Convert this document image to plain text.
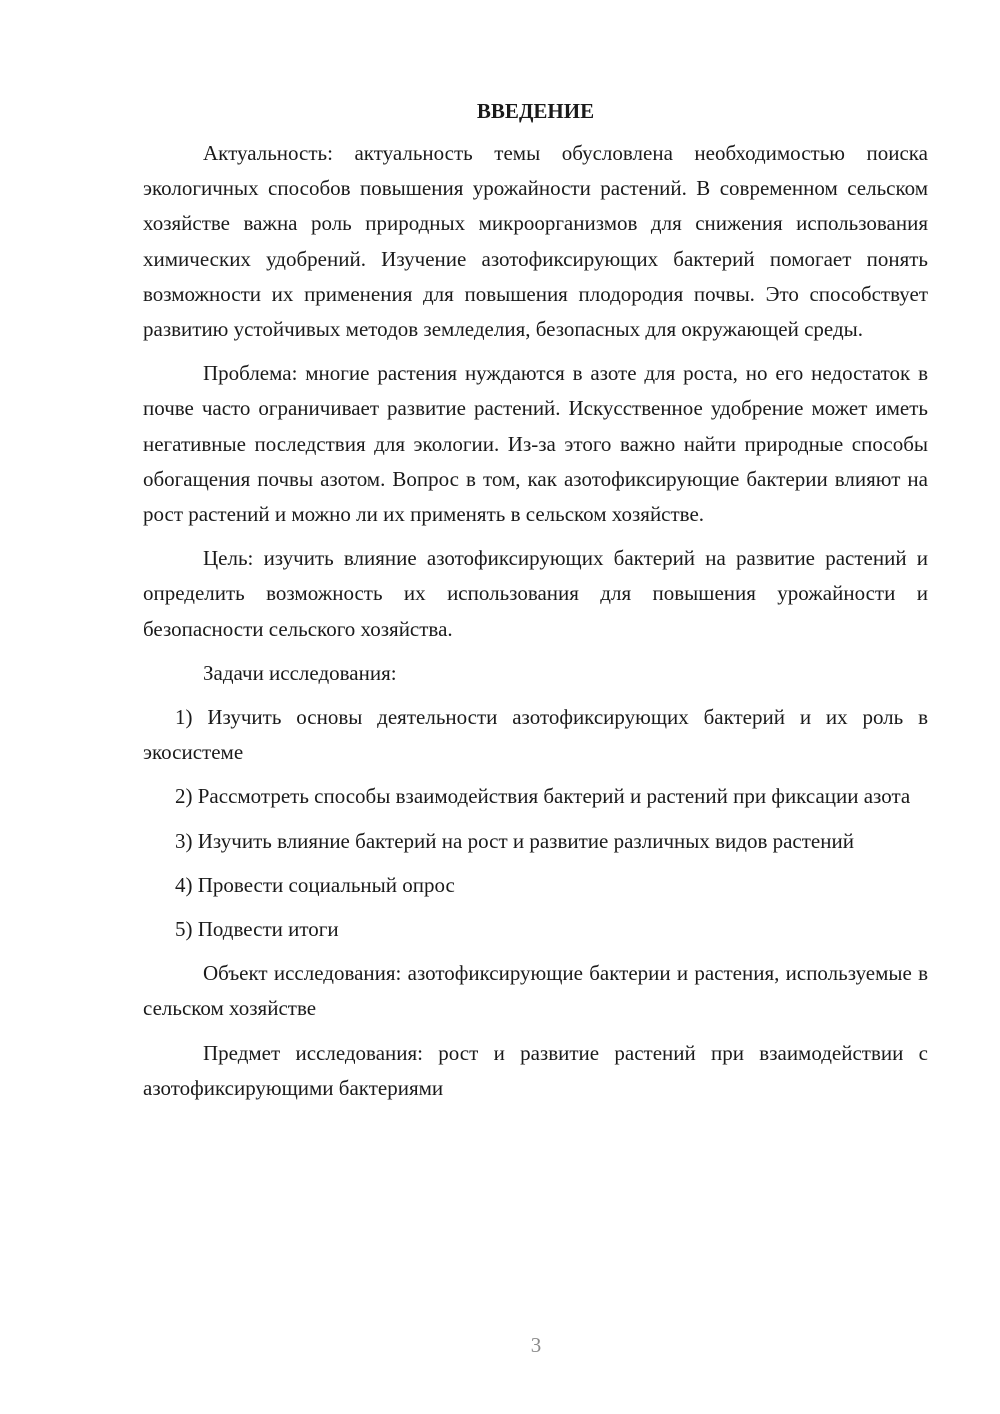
ВВЕДЕНИЕ

Актуальность: актуальность темы обусловлена необходимостью поиска экологичных способов повышения урожайности растений. В современном сельском хозяйстве важна роль природных микроорганизмов для снижения использования химических удобрений. Изучение азотофиксирующих бактерий помогает понять возможности их применения для повышения плодородия почвы. Это способствует развитию устойчивых методов земледелия, безопасных для окружающей среды.

Проблема: многие растения нуждаются в азоте для роста, но его недостаток в почве часто ограничивает развитие растений. Искусственное удобрение может иметь негативные последствия для экологии. Из-за этого важно найти природные способы обогащения почвы азотом. Вопрос в том, как азотофиксирующие бактерии влияют на рост растений и можно ли их применять в сельском хозяйстве.

Цель: изучить влияние азотофиксирующих бактерий на развитие растений и определить возможность их использования для повышения урожайности и безопасности сельского хозяйства.

Задачи исследования:

1) Изучить основы деятельности азотофиксирующих бактерий и их роль в экосистеме

2) Рассмотреть способы взаимодействия бактерий и растений при фиксации азота

3) Изучить влияние бактерий на рост и развитие различных видов растений

4) Провести социальный опрос

5) Подвести итоги

Объект исследования: азотофиксирующие бактерии и растения, используемые в сельском хозяйстве

Предмет исследования: рост и развитие растений при взаимодействии с азотофиксирующими бактериями

3
